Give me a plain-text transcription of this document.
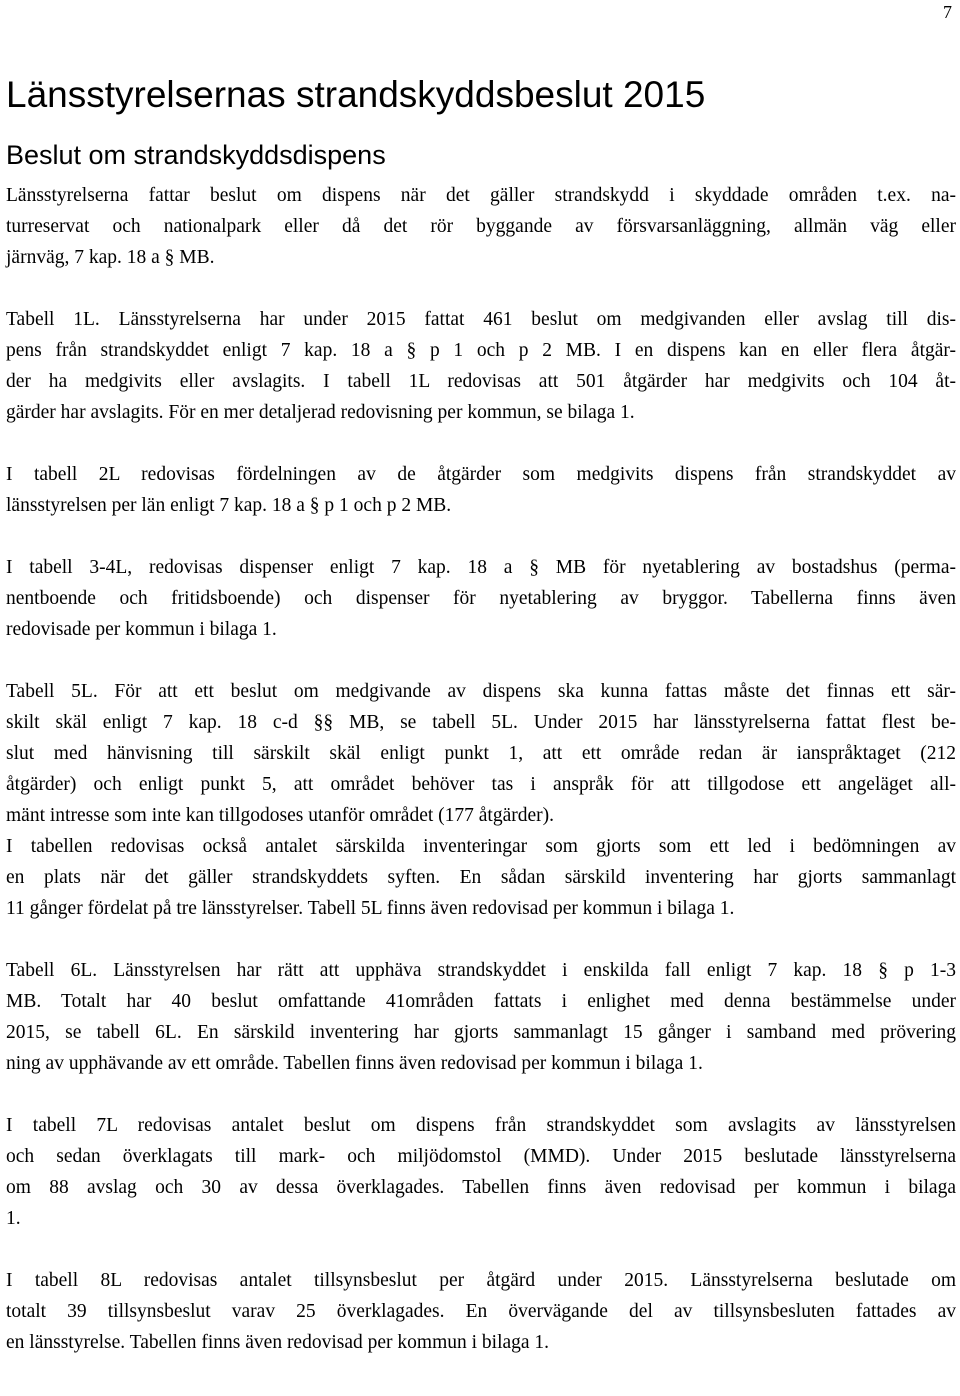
7
Länsstyrelsernas strandskyddsbeslut 2015
Beslut om strandskyddsdispens

Länsstyrelserna fattar beslut om dispens när det gäller strandskydd i skyddade områden t.ex. na-
turreservat och nationalpark eller då det rör byggande av försvarsanläggning, allmän väg eller
järnväg, 7 kap. 18 a § MB.

Tabell 1L. Länsstyrelserna har under 2015 fattat 461 beslut om medgivanden eller avslag till dis-
pens från strandskyddet enligt 7 kap. 18 a § p 1 och p 2 MB. I en dispens kan en eller flera åtgär-
der ha medgivits eller avslagits. I tabell 1L redovisas att 501 åtgärder har medgivits och 104 åt-
gärder har avslagits. För en mer detaljerad redovisning per kommun, se bilaga 1.

I tabell 2L redovisas fördelningen av de åtgärder som medgivits dispens från strandskyddet av
länsstyrelsen per län enligt 7 kap. 18 a § p 1 och p 2 MB.

I tabell 3-4L, redovisas dispenser enligt 7 kap. 18 a § MB för nyetablering av bostadshus (perma-
nentboende och fritidsboende) och dispenser för nyetablering av bryggor. Tabellerna finns även
redovisade per kommun i bilaga 1.

Tabell 5L. För att ett beslut om medgivande av dispens ska kunna fattas måste det finnas ett sär-
skilt skäl enligt 7 kap. 18 c-d §§ MB, se tabell 5L. Under 2015 har länsstyrelserna fattat flest be-
slut med hänvisning till särskilt skäl enligt punkt 1, att ett område redan är ianspråktaget (212
åtgärder) och enligt punkt 5, att området behöver tas i anspråk för att tillgodose ett angeläget all-
mänt intresse som inte kan tillgodoses utanför området (177 åtgärder).

I tabellen redovisas också antalet särskilda inventeringar som gjorts som ett led i bedömningen av
en plats när det gäller strandskyddets syften. En sådan särskild inventering har gjorts sammanlagt
11 gånger fördelat på tre länsstyrelser. Tabell 5L finns även redovisad per kommun i bilaga 1.

Tabell 6L. Länsstyrelsen har rätt att upphäva strandskyddet i enskilda fall enligt 7 kap. 18 § p 1-3
MB. Totalt har 40 beslut omfattande 41områden fattats i enlighet med denna bestämmelse under
2015, se tabell 6L. En särskild inventering har gjorts sammanlagt 15 gånger i samband med prövering
ning av upphävande av ett område. Tabellen finns även redovisad per kommun i bilaga 1.

I tabell 7L redovisas antalet beslut om dispens från strandskyddet som avslagits av länsstyrelsen
och sedan överklagats till mark- och miljödomstol (MMD). Under 2015 beslutade länsstyrelserna
om 88 avslag och 30 av dessa överklagades. Tabellen finns även redovisad per kommun i bilaga
1.

I tabell 8L redovisas antalet tillsynsbeslut per åtgärd under 2015. Länsstyrelserna beslutade om
totalt 39 tillsynsbeslut varav 25 överklagades. En övervägande del av tillsynsbesluten fattades av
en länsstyrelse. Tabellen finns även redovisad per kommun i bilaga 1.
